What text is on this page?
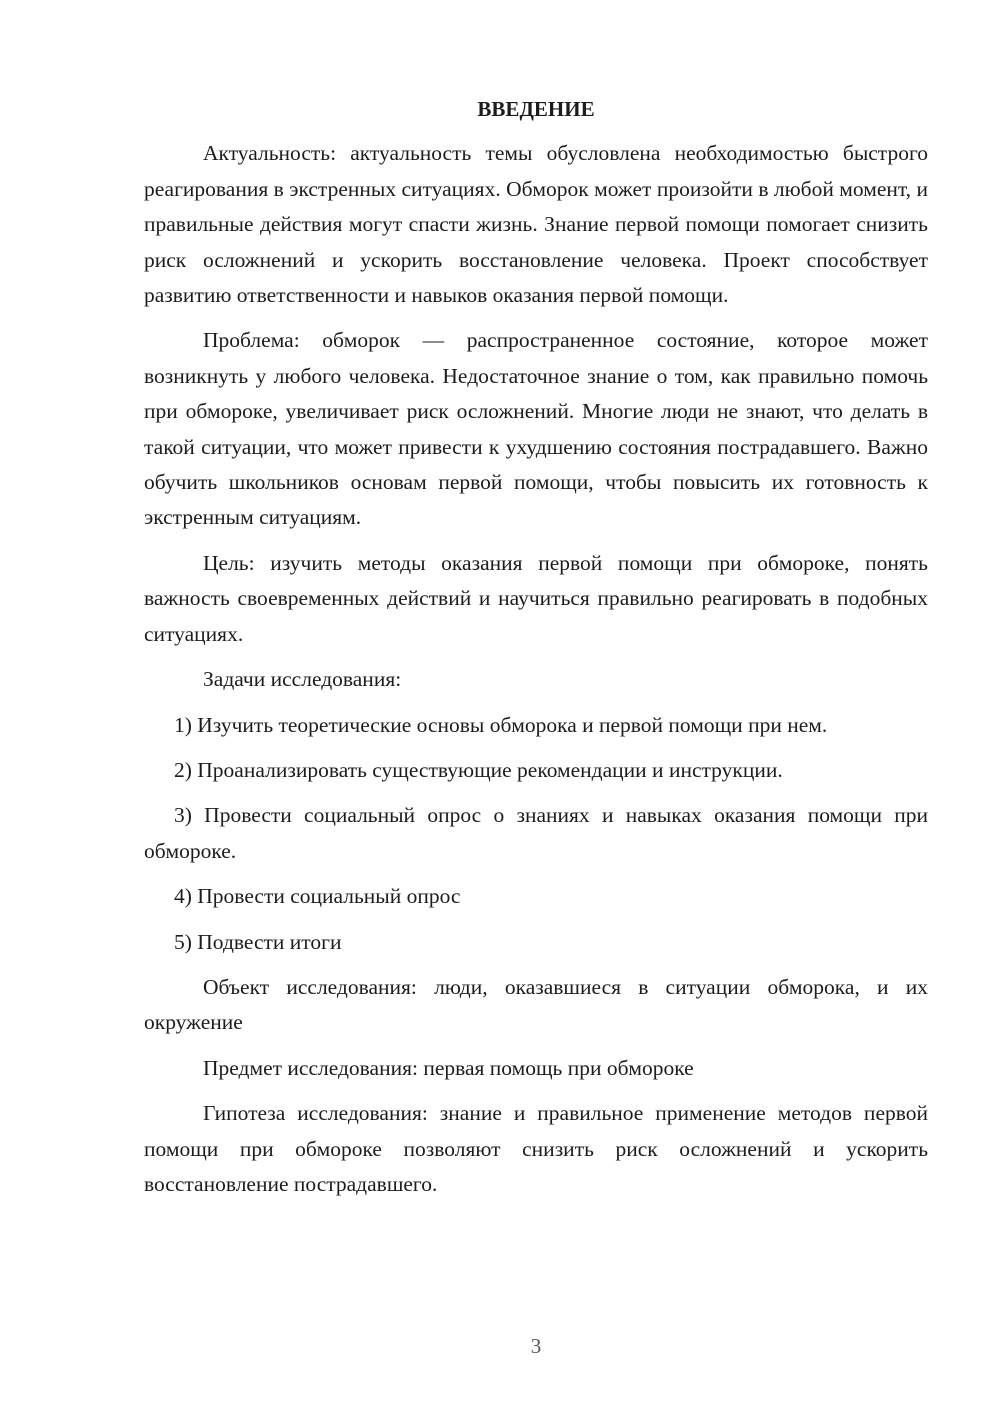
ВВЕДЕНИЕ

Актуальность: актуальность темы обусловлена необходимостью быстрого реагирования в экстренных ситуациях. Обморок может произойти в любой момент, и правильные действия могут спасти жизнь. Знание первой помощи помогает снизить риск осложнений и ускорить восстановление человека. Проект способствует развитию ответственности и навыков оказания первой помощи.

Проблема: обморок — распространенное состояние, которое может возникнуть у любого человека. Недостаточное знание о том, как правильно помочь при обмороке, увеличивает риск осложнений. Многие люди не знают, что делать в такой ситуации, что может привести к ухудшению состояния пострадавшего. Важно обучить школьников основам первой помощи, чтобы повысить их готовность к экстренным ситуациям.

Цель: изучить методы оказания первой помощи при обмороке, понять важность своевременных действий и научиться правильно реагировать в подобных ситуациях.

Задачи исследования:

1) Изучить теоретические основы обморока и первой помощи при нем.

2) Проанализировать существующие рекомендации и инструкции.

3) Провести социальный опрос о знаниях и навыках оказания помощи при обмороке.

4) Провести социальный опрос

5) Подвести итоги

Объект исследования: люди, оказавшиеся в ситуации обморока, и их окружение

Предмет исследования: первая помощь при обмороке

Гипотеза исследования: знание и правильное применение методов первой помощи при обмороке позволяют снизить риск осложнений и ускорить восстановление пострадавшего.

3
